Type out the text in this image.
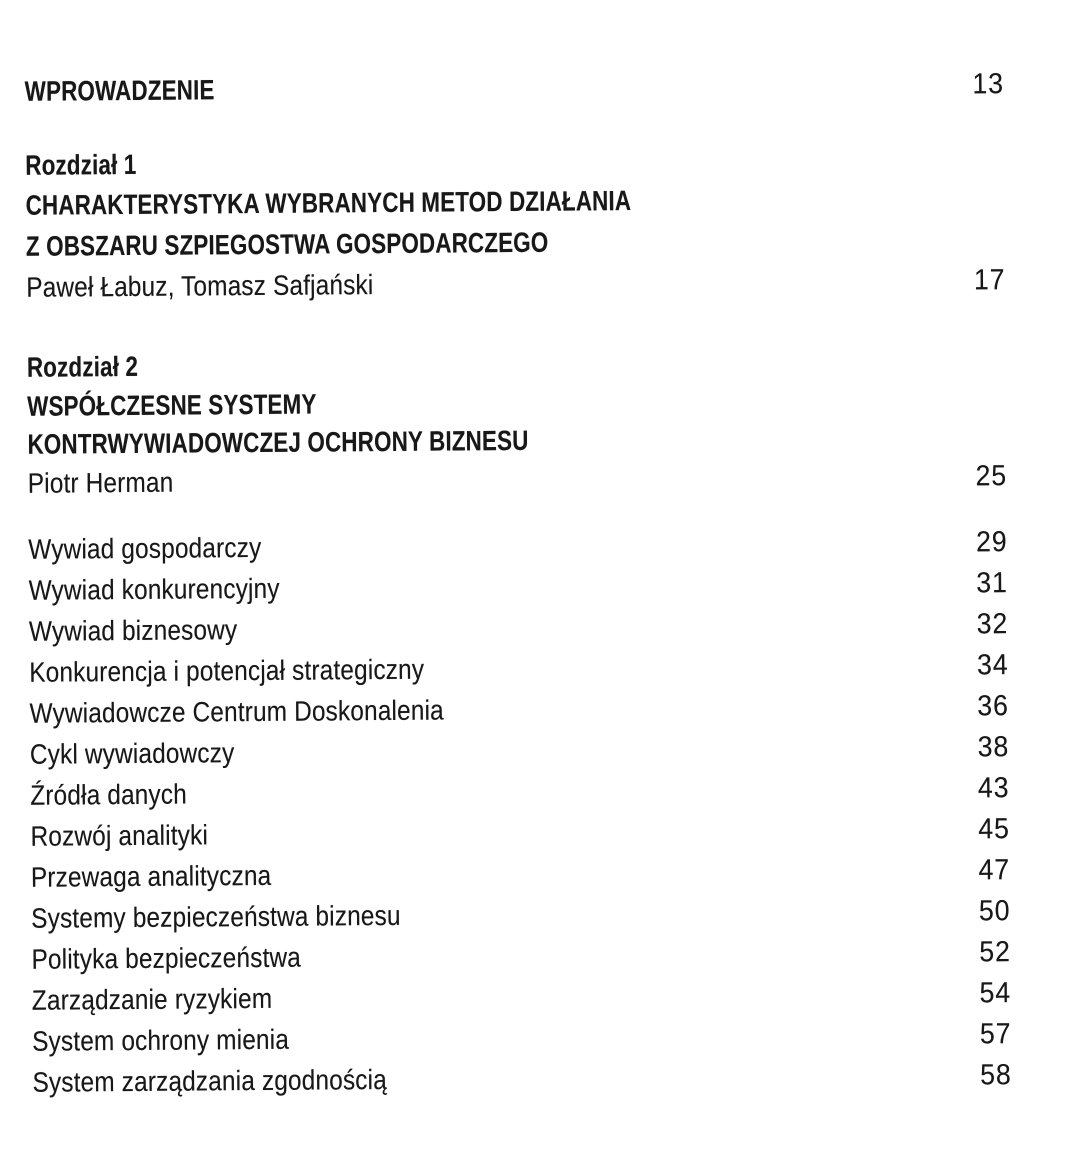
WPROWADZENIE	13
Rozdział 1
CHARAKTERYSTYKA WYBRANYCH METOD DZIAŁANIA
Z OBSZARU SZPIEGOSTWA GOSPODARCZEGO
Paweł Łabuz, Tomasz Safjański	17
Rozdział 2
WSPÓŁCZESNE SYSTEMY
KONTRWYWIADOWCZEJ OCHRONY BIZNESU
Piotr Herman	25
Wywiad gospodarczy	29
Wywiad konkurencyjny	31
Wywiad biznesowy	32
Konkurencja i potencjał strategiczny	34
Wywiadowcze Centrum Doskonalenia	36
Cykl wywiadowczy	38
Źródła danych	43
Rozwój analityki	45
Przewaga analityczna	47
Systemy bezpieczeństwa biznesu	50
Polityka bezpieczeństwa	52
Zarządzanie ryzykiem	54
System ochrony mienia	57
System zarządzania zgodnością	58
